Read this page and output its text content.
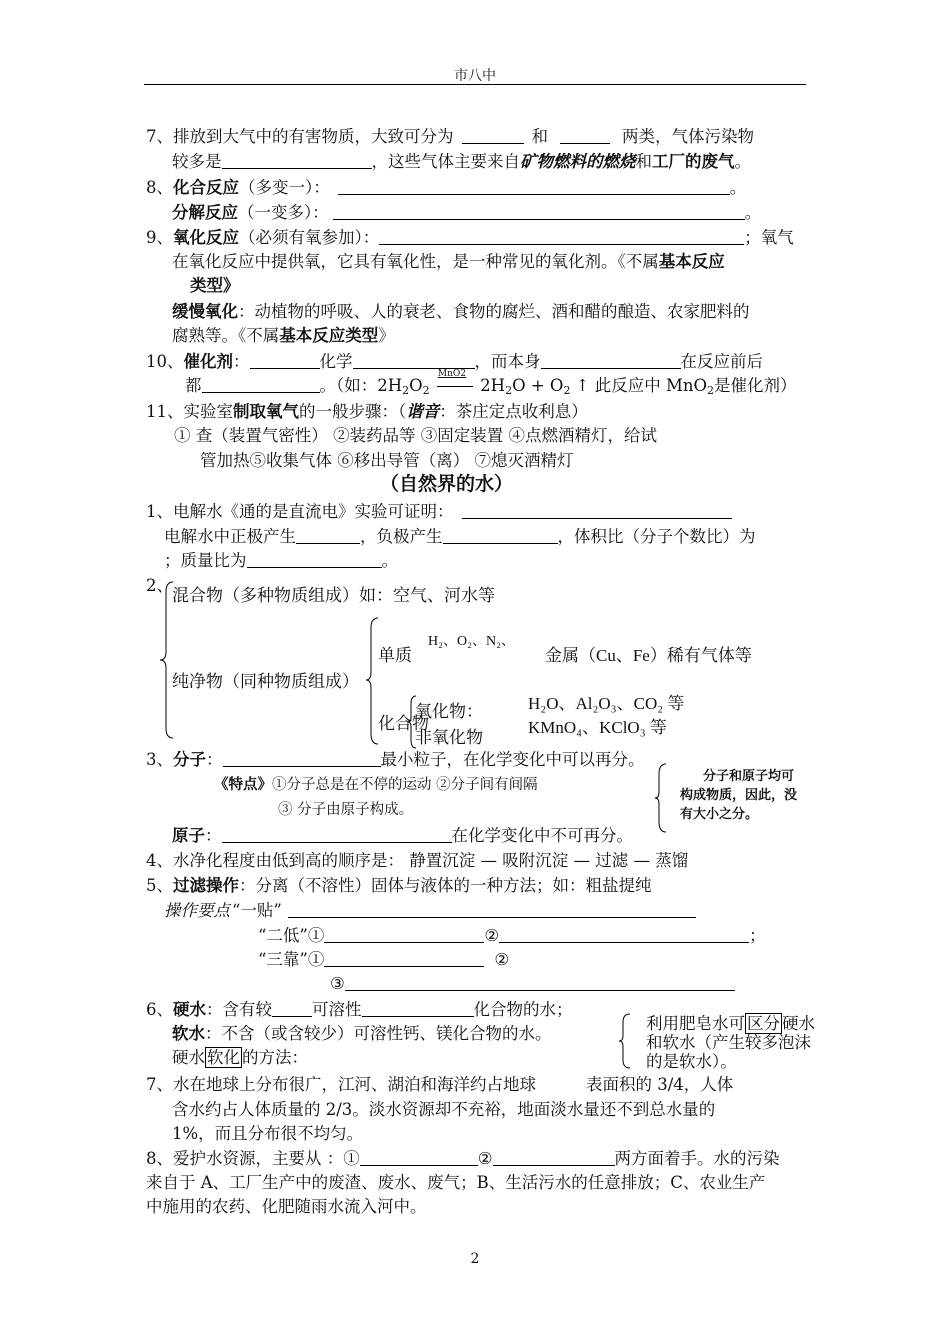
市八中
7、排放到大气中的有害物质，大致可分为	和	两类，气体污染物
较多是	，这些气体主要来自矿物燃料的燃烧和工厂的废气。
8、化合反应（多变一）：	。
分解反应（一变多）：	。
9、氧化反应（必须有氧参加）：	；氧气
在氧化反应中提供氧，它具有氧化性，是一种常见的氧化剂。《不属基本反应
类型》
缓慢氧化：动植物的呼吸、人的衰老、食物的腐烂、酒和醋的酿造、农家肥料的
腐熟等。《不属基本反应类型》
10、催化剂：	化学	，而本身	在反应前后
都	。（如：$2H_2O_2$
MnO2
$2H_2O + O_2$ ↑ 此反应中 MnO$_2$是催化剂）
11、实验室制取氧气的一般步骤：（谐音：茶庄定点收利息）
① 查（装置气密性） ②装药品等 ③固定装置 ④点燃酒精灯，给试
管加热⑤收集气体 ⑥移出导管（离） ⑦熄灭酒精灯
（自然界的水）
1、电解水《通的是直流电》实验可证明：
电解水中正极产生	，负极产生	，体积比（分子个数比）为
；质量比为	。
2、
混合物（多种物质组成）如：空气、河水等
纯净物（同种物质组成）
单质
H₂、O₂、N₂、
金属（Cu、Fe）稀有气体等
化合物
氧化物：
非氧化物
H₂O、Al₂O₃、CO₂ 等
KMnO₄、KClO₃ 等
3、分子：	最小粒子，在化学变化中可以再分。
《特点》①分子总是在不停的运动 ②分子间有间隔
③ 分子由原子构成。
分子和原子均可
构成物质，因此，没
有大小之分。
原子：	在化学变化中不可再分。
4、水净化程度由低到高的顺序是： 静置沉淀 — 吸附沉淀 — 过滤 — 蒸馏
5、过滤操作：分离（不溶性）固体与液体的一种方法；如：粗盐提纯
操作要点 “一贴”
“二低”①	②	；
“三靠”①	②
③
6、硬水：含有较 可溶性	化合物的水；
软水：不含（或含较少）可溶性钙、镁化合物的水。
硬水 软化 的方法：
利用肥皂水可 区分 硬水
和软水（产生较多泡沫
的是软水）。
7、水在地球上分布很广，江河、湖泊和海洋约占地球	表面积的 3/4，人体
含水约占人体质量的 2/3。淡水资源却不充裕，地面淡水量还不到总水量的
1%，而且分布很不均匀。
8、爱护水资源，主要从 ：①	②	两方面着手。水的污染
来自于 A、工厂生产中的废渣、废水、废气；B、生活污水的任意排放；C、农业生产
中施用的农药、化肥随雨水流入河中。
2
